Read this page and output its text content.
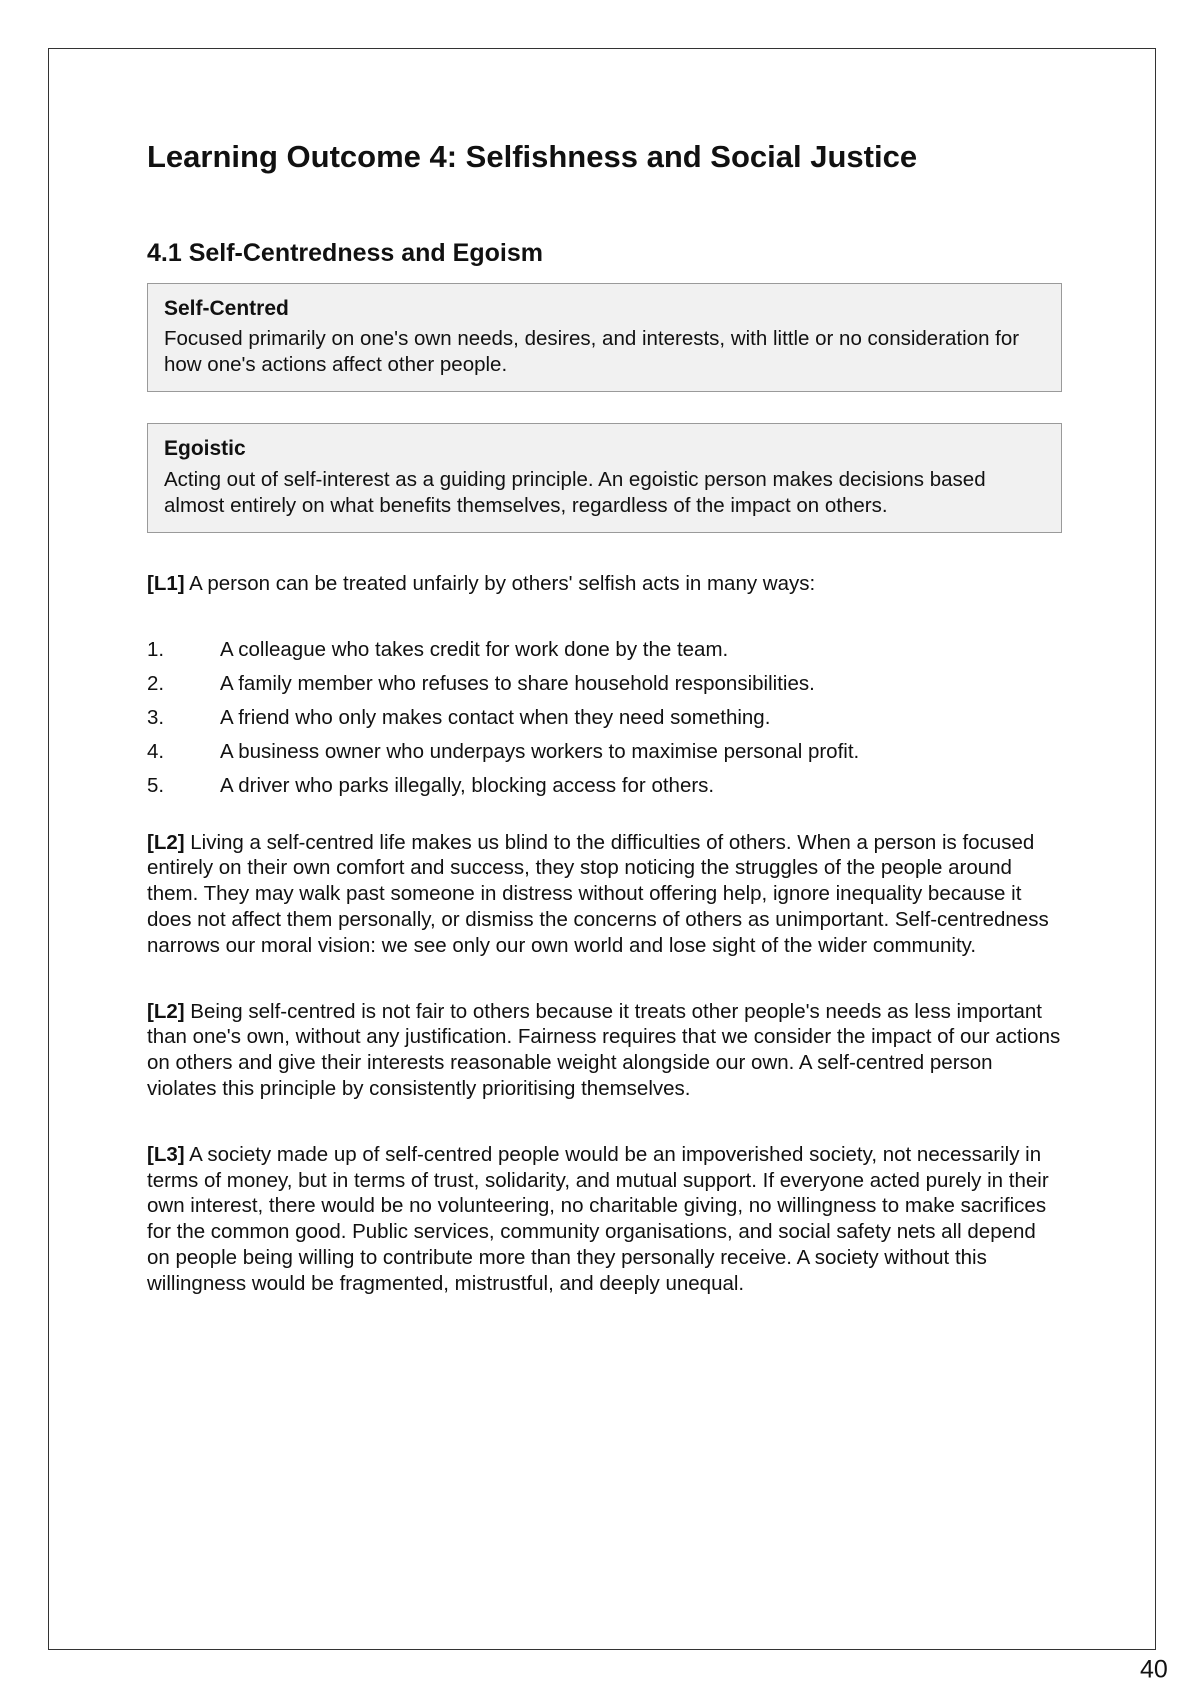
Learning Outcome 4: Selfishness and Social Justice
4.1 Self-Centredness and Egoism

Self-Centred

Focused primarily on one's own needs, desires, and interests, with little or no consideration for how one's actions affect other people.

Egoistic

Acting out of self-interest as a guiding principle. An egoistic person makes decisions based almost entirely on what benefits themselves, regardless of the impact on others.

[L1] A person can be treated unfairly by others' selfish acts in many ways:

1.	A colleague who takes credit for work done by the team.
2.	A family member who refuses to share household responsibilities.
3.	A friend who only makes contact when they need something.
4.	A business owner who underpays workers to maximise personal profit.
5.	A driver who parks illegally, blocking access for others.

[L2] Living a self-centred life makes us blind to the difficulties of others. When a person is focused entirely on their own comfort and success, they stop noticing the struggles of the people around them. They may walk past someone in distress without offering help, ignore inequality because it does not affect them personally, or dismiss the concerns of others as unimportant. Self-centredness narrows our moral vision: we see only our own world and lose sight of the wider community.

[L2] Being self-centred is not fair to others because it treats other people's needs as less important than one's own, without any justification. Fairness requires that we consider the impact of our actions on others and give their interests reasonable weight alongside our own. A self-centred person violates this principle by consistently prioritising themselves.

[L3] A society made up of self-centred people would be an impoverished society, not necessarily in terms of money, but in terms of trust, solidarity, and mutual support. If everyone acted purely in their own interest, there would be no volunteering, no charitable giving, no willingness to make sacrifices for the common good. Public services, community organisations, and social safety nets all depend on people being willing to contribute more than they personally receive. A society without this willingness would be fragmented, mistrustful, and deeply unequal.

40
